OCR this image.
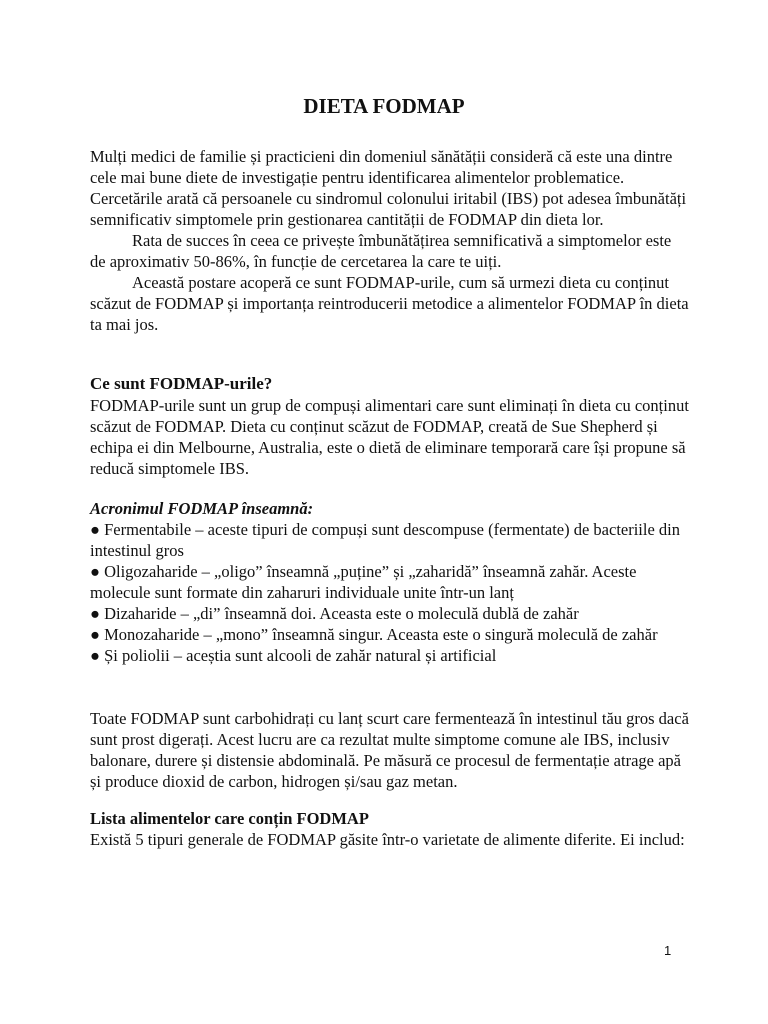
DIETA FODMAP

Mulți medici de familie și practicieni din domeniul sănătății consideră că este una dintre cele mai bune diete de investigație pentru identificarea alimentelor problematice. Cercetările arată că persoanele cu sindromul colonului iritabil (IBS) pot adesea îmbunătăți semnificativ simptomele prin gestionarea cantității de FODMAP din dieta lor.

Rata de succes în ceea ce privește îmbunătățirea semnificativă a simptomelor este de aproximativ 50-86%, în funcție de cercetarea la care te uiți.

Această postare acoperă ce sunt FODMAP-urile, cum să urmezi dieta cu conținut scăzut de FODMAP și importanța reintroducerii metodice a alimentelor FODMAP în dieta ta mai jos.

Ce sunt FODMAP-urile?

FODMAP-urile sunt un grup de compuși alimentari care sunt eliminați în dieta cu conținut scăzut de FODMAP. Dieta cu conținut scăzut de FODMAP, creată de Sue Shepherd și echipa ei din Melbourne, Australia, este o dietă de eliminare temporară care își propune să reducă simptomele IBS.

Acronimul FODMAP înseamnă:

● Fermentabile – aceste tipuri de compuși sunt descompuse (fermentate) de bacteriile din intestinul gros
● Oligozaharide – „oligo” înseamnă „puține” și „zaharidă” înseamnă zahăr. Aceste molecule sunt formate din zaharuri individuale unite într-un lanț
● Dizaharide – „di” înseamnă doi. Aceasta este o moleculă dublă de zahăr
● Monozaharide – „mono” înseamnă singur. Aceasta este o singură moleculă de zahăr
● Și poliolii – aceștia sunt alcooli de zahăr natural și artificial

Toate FODMAP sunt carbohidrați cu lanț scurt care fermentează în intestinul tău gros dacă sunt prost digerați. Acest lucru are ca rezultat multe simptome comune ale IBS, inclusiv balonare, durere și distensie abdominală. Pe măsură ce procesul de fermentație atrage apă și produce dioxid de carbon, hidrogen și/sau gaz metan.

Lista alimentelor care conțin FODMAP

Există 5 tipuri generale de FODMAP găsite într-o varietate de alimente diferite. Ei includ:

1
